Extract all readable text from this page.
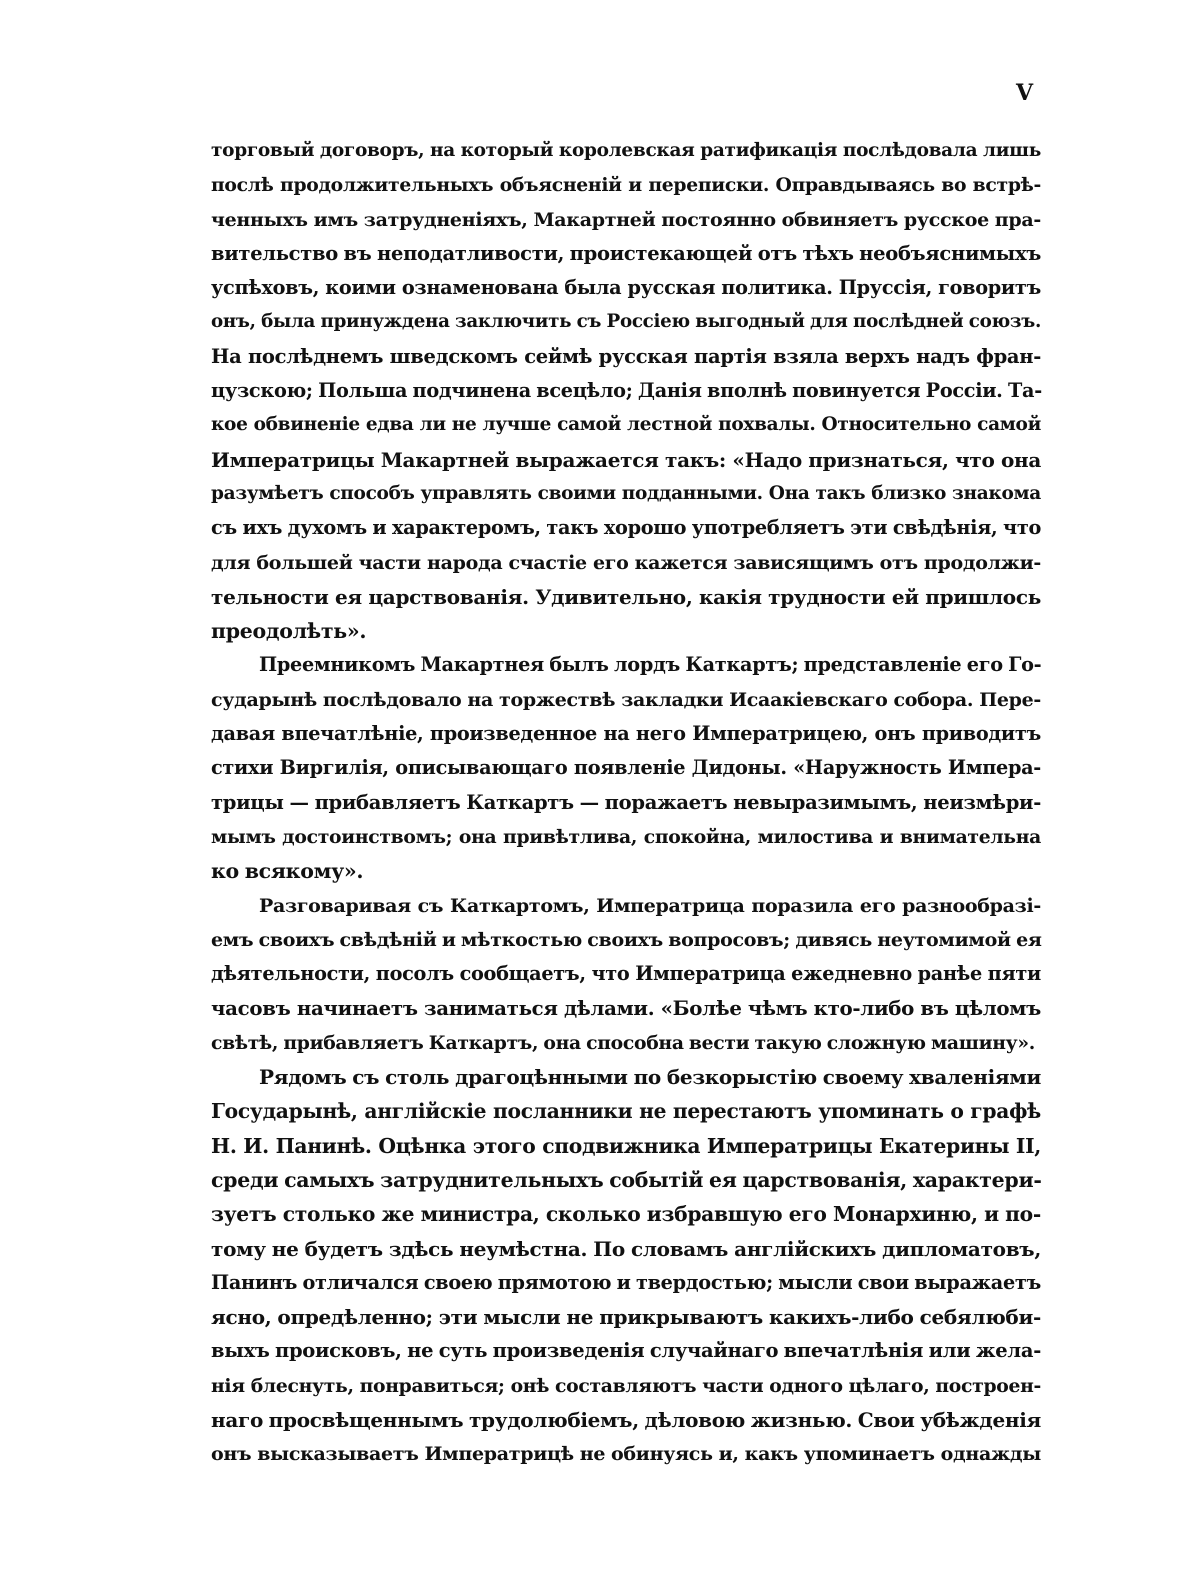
V
торговый договоръ, на который королевская ратификація послѣдовала лишь
послѣ продолжительныхъ объясненій и переписки. Оправдываясь во встрѣ-
ченныхъ имъ затрудненіяхъ, Макартней постоянно обвиняетъ русское пра-
вительство въ неподатливости, проистекающей отъ тѣхъ необъяснимыхъ
успѣховъ, коими ознаменована была русская политика. Пруссія, говоритъ
онъ, была принуждена заключить съ Россіею выгодный для послѣдней союзъ.
На послѣднемъ шведскомъ сеймѣ русская партія взяла верхъ надъ фран-
цузскою; Польша подчинена всецѣло; Данія вполнѣ повинуется Россіи. Та-
кое обвиненіе едва ли не лучше самой лестной похвалы. Относительно самой
Императрицы Макартней выражается такъ: «Надо признаться, что она
разумѣетъ способъ управлять своими подданными. Она такъ близко знакома
съ ихъ духомъ и характеромъ, такъ хорошо употребляетъ эти свѣдѣнія, что
для большей части народа счастіе его кажется зависящимъ отъ продолжи-
тельности ея царствованія. Удивительно, какія трудности ей пришлось
преодолѣть».
Преемникомъ Макартнея былъ лордъ Каткартъ; представленіе его Го-
сударынѣ послѣдовало на торжествѣ закладки Исаакіевскаго собора. Пере-
давая впечатлѣніе, произведенное на него Императрицею, онъ приводитъ
стихи Виргилія, описывающаго появленіе Дидоны. «Наружность Импера-
трицы — прибавляетъ Каткартъ — поражаетъ невыразимымъ, неизмѣри-
мымъ достоинствомъ; она привѣтлива, спокойна, милостива и внимательна
ко всякому».
Разговаривая съ Каткартомъ, Императрица поразила его разнообразі-
емъ своихъ свѣдѣній и мѣткостью своихъ вопросовъ; дивясь неутомимой ея
дѣятельности, посолъ сообщаетъ, что Императрица ежедневно ранѣе пяти
часовъ начинаетъ заниматься дѣлами. «Болѣе чѣмъ кто-либо въ цѣломъ
свѣтѣ, прибавляетъ Каткартъ, она способна вести такую сложную машину».
Рядомъ съ столь драгоцѣнными по безкорыстію своему хваленіями
Государынѣ, англійскіе посланники не перестаютъ упоминать о графѣ
Н. И. Панинѣ. Оцѣнка этого сподвижника Императрицы Екатерины II,
среди самыхъ затруднительныхъ событій ея царствованія, характери-
зуетъ столько же министра, сколько избравшую его Монархиню, и по-
тому не будетъ здѣсь неумѣстна. По словамъ англійскихъ дипломатовъ,
Панинъ отличался своею прямотою и твердостью; мысли свои выражаетъ
ясно, опредѣленно; эти мысли не прикрываютъ какихъ-либо себялюби-
выхъ происковъ, не суть произведенія случайнаго впечатлѣнія или жела-
нія блеснуть, понравиться; онѣ составляютъ части одного цѣлаго, построен-
наго просвѣщеннымъ трудолюбіемъ, дѣловою жизнью. Свои убѣжденія
онъ высказываетъ Императрицѣ не обинуясь и, какъ упоминаетъ однажды
